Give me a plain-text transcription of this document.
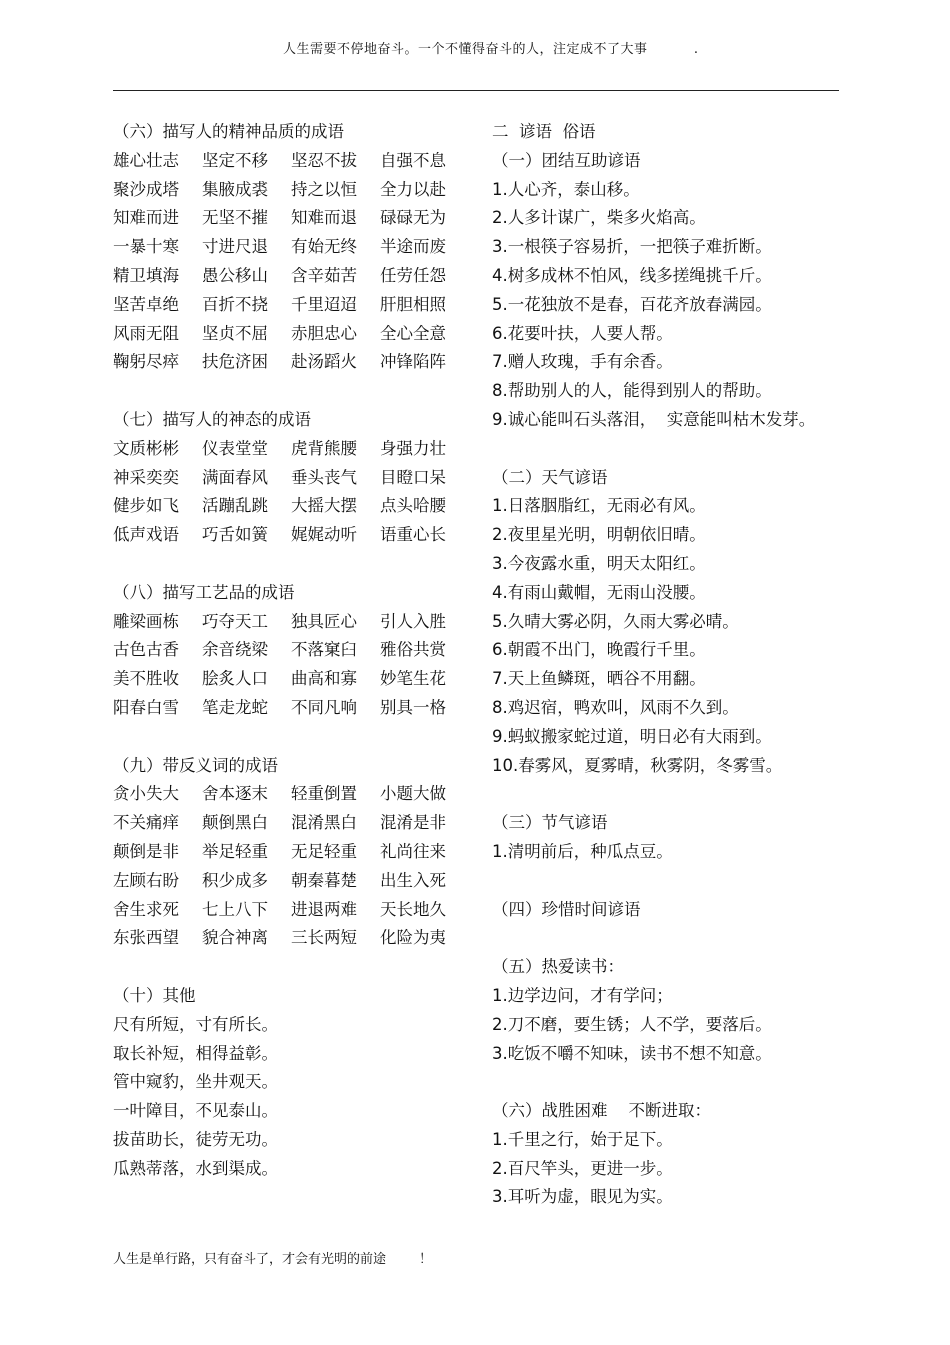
人生需要不停地奋斗。一个不懂得奋斗的人，注定成不了大事          .
（六）描写人的精神品质的成语
雄心壮志	坚定不移	坚忍不拔	自强不息
聚沙成塔	集腋成裘	持之以恒	全力以赴
知难而进	无坚不摧	知难而退	碌碌无为
一暴十寒	寸进尺退	有始无终	半途而废
精卫填海	愚公移山	含辛茹苦	任劳任怨
坚苦卓绝	百折不挠	千里迢迢	肝胆相照
风雨无阻	坚贞不屈	赤胆忠心	全心全意
鞠躬尽瘁	扶危济困	赴汤蹈火	冲锋陷阵
（七）描写人的神态的成语
文质彬彬	仪表堂堂	虎背熊腰	身强力壮
神采奕奕	满面春风	垂头丧气	目瞪口呆
健步如飞	活蹦乱跳	大摇大摆	点头哈腰
低声戏语	巧舌如簧	娓娓动听	语重心长
（八）描写工艺品的成语
雕梁画栋	巧夺天工	独具匠心	引人入胜
古色古香	余音绕梁	不落窠臼	雅俗共赏
美不胜收	脍炙人口	曲高和寡	妙笔生花
阳春白雪	笔走龙蛇	不同凡响	别具一格
（九）带反义词的成语
贪小失大	舍本逐末	轻重倒置	小题大做
不关痛痒	颠倒黑白	混淆黑白	混淆是非
颠倒是非	举足轻重	无足轻重	礼尚往来
左顾右盼	积少成多	朝秦暮楚	出生入死
舍生求死	七上八下	进退两难	天长地久
东张西望	貌合神离	三长两短	化险为夷
（十）其他
尺有所短，寸有所长。
取长补短，相得益彰。
管中窥豹，坐井观天。
一叶障目，不见泰山。
拔苗助长，徒劳无功。
瓜熟蒂落，水到渠成。
二  谚语  俗语
（一）团结互助谚语
1.人心齐，泰山移。
2.人多计谋广，柴多火焰高。
3.一根筷子容易折，一把筷子难折断。
4.树多成林不怕风，线多搓绳挑千斤。
5.一花独放不是春，百花齐放春满园。
6.花要叶扶，人要人帮。
7.赠人玫瑰，手有余香。
8.帮助别人的人，能得到别人的帮助。
9.诚心能叫石头落泪，  实意能叫枯木发芽。
（二）天气谚语
1.日落胭脂红，无雨必有风。
2.夜里星光明，明朝依旧晴。
3.今夜露水重，明天太阳红。
4.有雨山戴帽，无雨山没腰。
5.久晴大雾必阴，久雨大雾必晴。
6.朝霞不出门，晚霞行千里。
7.天上鱼鳞斑，晒谷不用翻。
8.鸡迟宿，鸭欢叫，风雨不久到。
9.蚂蚁搬家蛇过道，明日必有大雨到。
10.春雾风，夏雾晴，秋雾阴，冬雾雪。
（三）节气谚语
1.清明前后，种瓜点豆。
（四）珍惜时间谚语
（五）热爱读书：
1.边学边问，才有学问；
2.刀不磨，要生锈；人不学，要落后。
3.吃饭不嚼不知味，读书不想不知意。
（六）战胜困难    不断进取：
1.千里之行，始于足下。
2.百尺竿头，更进一步。
3.耳听为虚，眼见为实。
人生是单行路，只有奋斗了，才会有光明的前途        ！
